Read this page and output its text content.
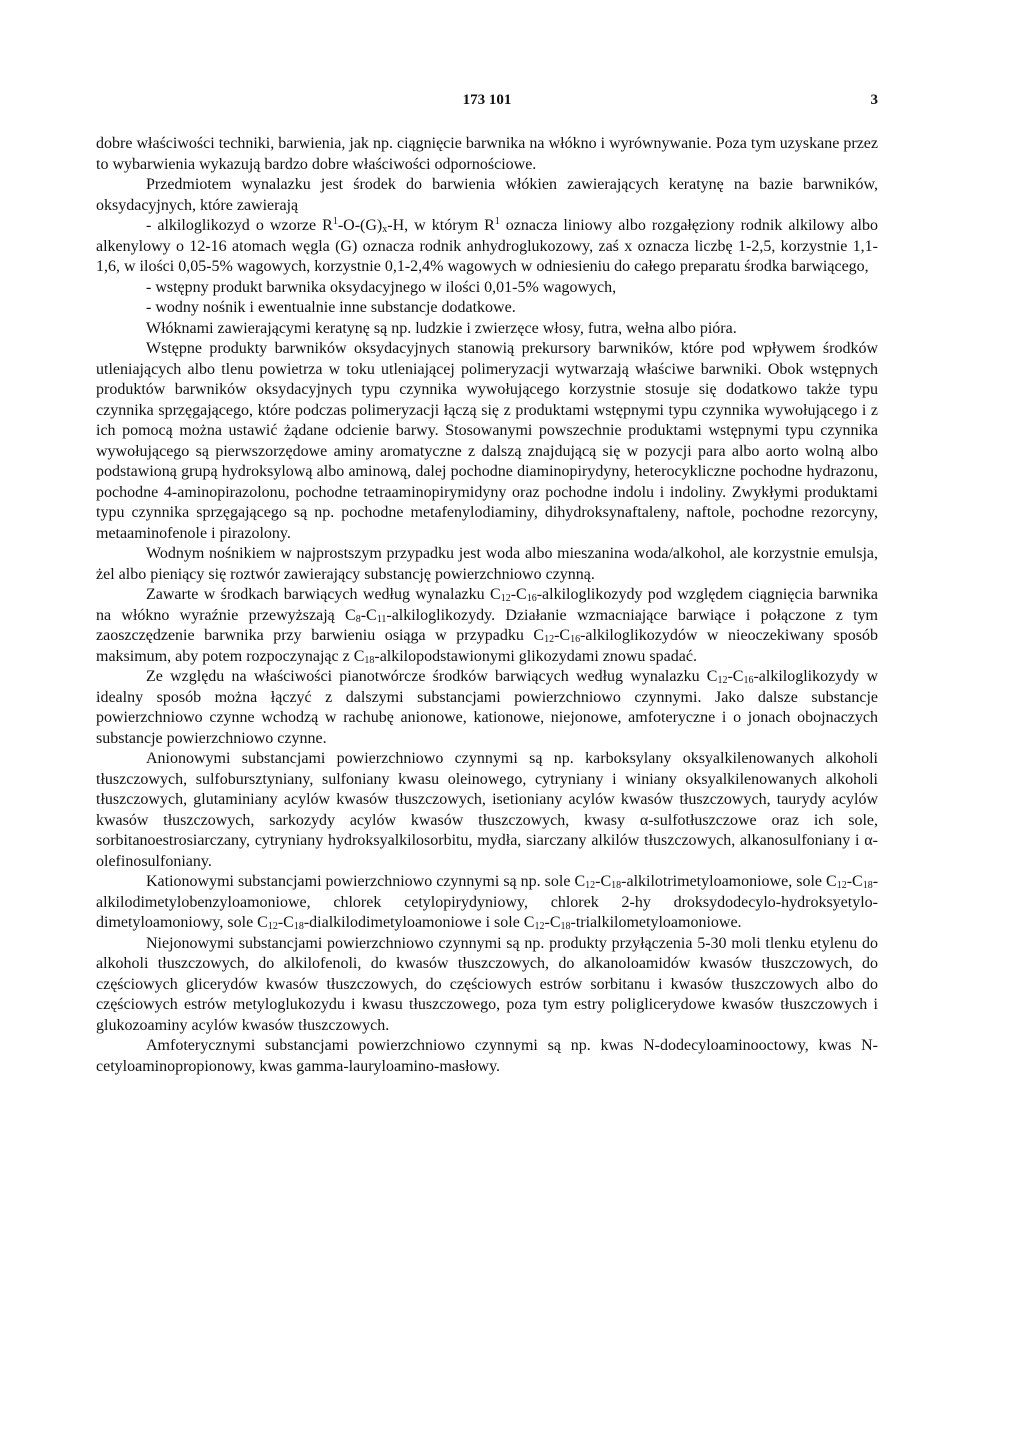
173 101	3

dobre właściwości techniki, barwienia, jak np. ciągnięcie barwnika na włókno i wyrównywanie. Poza tym uzyskane przez to wybarwienia wykazują bardzo dobre właściwości odpornościowe.

Przedmiotem wynalazku jest środek do barwienia włókien zawierających keratynę na bazie barwników, oksydacyjnych, które zawierają

- alkiloglikozyd o wzorze $R^1-O-(G)_x-H$, w którym $R^1$ oznacza liniowy albo rozgałęziony rodnik alkilowy albo alkenylowy o 12-16 atomach węgla (G) oznacza rodnik anhydroglukozowy, zaś x oznacza liczbę 1-2,5, korzystnie 1,1-1,6, w ilości 0,05-5% wagowych, korzystnie 0,1-2,4% wagowych w odniesieniu do całego preparatu środka barwiącego,

- wstępny produkt barwnika oksydacyjnego w ilości 0,01-5% wagowych,

- wodny nośnik i ewentualnie inne substancje dodatkowe.

Włóknami zawierającymi keratynę są np. ludzkie i zwierzęce włosy, futra, wełna albo pióra.

Wstępne produkty barwników oksydacyjnych stanowią prekursory barwników, które pod wpływem środków utleniających albo tlenu powietrza w toku utleniającej polimeryzacji wytwarzają właściwe barwniki. Obok wstępnych produktów barwników oksydacyjnych typu czynnika wywołującego korzystnie stosuje się dodatkowo także typu czynnika sprzęgającego, które podczas polimeryzacji łączą się z produktami wstępnymi typu czynnika wywołującego i z ich pomocą można ustawić żądane odcienie barwy. Stosowanymi powszechnie produktami wstępnymi typu czynnika wywołującego są pierwszorzędowe aminy aromatyczne z dalszą znajdującą się w pozycji para albo aorto wolną albo podstawioną grupą hydroksylową albo aminową, dalej pochodne diaminopirydyny, heterocykliczne pochodne hydrazonu, pochodne 4-aminopirazolonu, pochodne tetraaminopirymidyny oraz pochodne indolu i indoliny. Zwykłymi produktami typu czynnika sprzęgającego są np. pochodne metafenylodiaminy, dihydroksynaftaleny, naftole, pochodne rezorcyny, metaaminofenole i pirazolony.

Wodnym nośnikiem w najprostszym przypadku jest woda albo mieszanina woda/alkohol, ale korzystnie emulsja, żel albo pieniący się roztwór zawierający substancję powierzchniowo czynną.

Zawarte w środkach barwiących według wynalazku $C_{12}-C_{16}$-alkiloglikozydy pod względem ciągnięcia barwnika na włókno wyraźnie przewyższają $C_8-C_{11}$-alkiloglikozydy. Działanie wzmacniające barwiące i połączone z tym zaoszczędzenie barwnika przy barwieniu osiąga w przypadku $C_{12}-C_{16}$-alkiloglikozydów w nieoczekiwany sposób maksimum, aby potem rozpoczynając z $C_{18}$-alkilopodstawionymi glikozydami znowu spadać.

Ze względu na właściwości pianotwórcze środków barwiących według wynalazku $C_{12}-C_{16}$-alkiloglikozydy w idealny sposób można łączyć z dalszymi substancjami powierzchniowo czynnymi. Jako dalsze substancje powierzchniowo czynne wchodzą w rachubę anionowe, kationowe, niejonowe, amfoteryczne i o jonach obojnaczych substancje powierzchniowo czynne.

Anionowymi substancjami powierzchniowo czynnymi są np. karboksylany oksyalkilenowanych alkoholi tłuszczowych, sulfobursztyniany, sulfoniany kwasu oleinowego, cytryniany i winiany oksyalkilenowanych alkoholi tłuszczowych, glutaminiany acylów kwasów tłuszczowych, isetioniany acylów kwasów tłuszczowych, taurydy acylów kwasów tłuszczowych, sarkozydy acylów kwasów tłuszczowych, kwasy α-sulfotłuszczowe oraz ich sole, sorbitanoestrosiarczany, cytryniany hydroksyalkilosorbitu, mydła, siarczany alkilów tłuszczowych, alkanosulfoniany i α-olefinosulfoniany.

Kationowymi substancjami powierzchniowo czynnymi są np. sole $C_{12}-C_{18}$-alkilotrimetyloamoniowe, sole $C_{12}-C_{18}$-alkilodimetylobenzyloamoniowe, chlorek cetylopirydyniowy, chlorek 2-hy droksydodecylo-hydroksyetylo-dimetyloamoniowy, sole $C_{12}-C_{18}$-dialkilodimetyloamoniowe i sole $C_{12}-C_{18}$-trialkilometyloamoniowe.

Niejonowymi substancjami powierzchniowo czynnymi są np. produkty przyłączenia 5-30 moli tlenku etylenu do alkoholi tłuszczowych, do alkilofenoli, do kwasów tłuszczowych, do alkanoloamidów kwasów tłuszczowych, do częściowych glicerydów kwasów tłuszczowych, do częściowych estrów sorbitanu i kwasów tłuszczowych albo do częściowych estrów metyloglukozydu i kwasu tłuszczowego, poza tym estry poliglicerydowe kwasów tłuszczowych i glukozoaminy acylów kwasów tłuszczowych.

Amfoterycznymi substancjami powierzchniowo czynnymi są np. kwas N-dodecyloaminooctowy, kwas N-cetyloaminopropionowy, kwas gamma-lauryloamino-masłowy.
